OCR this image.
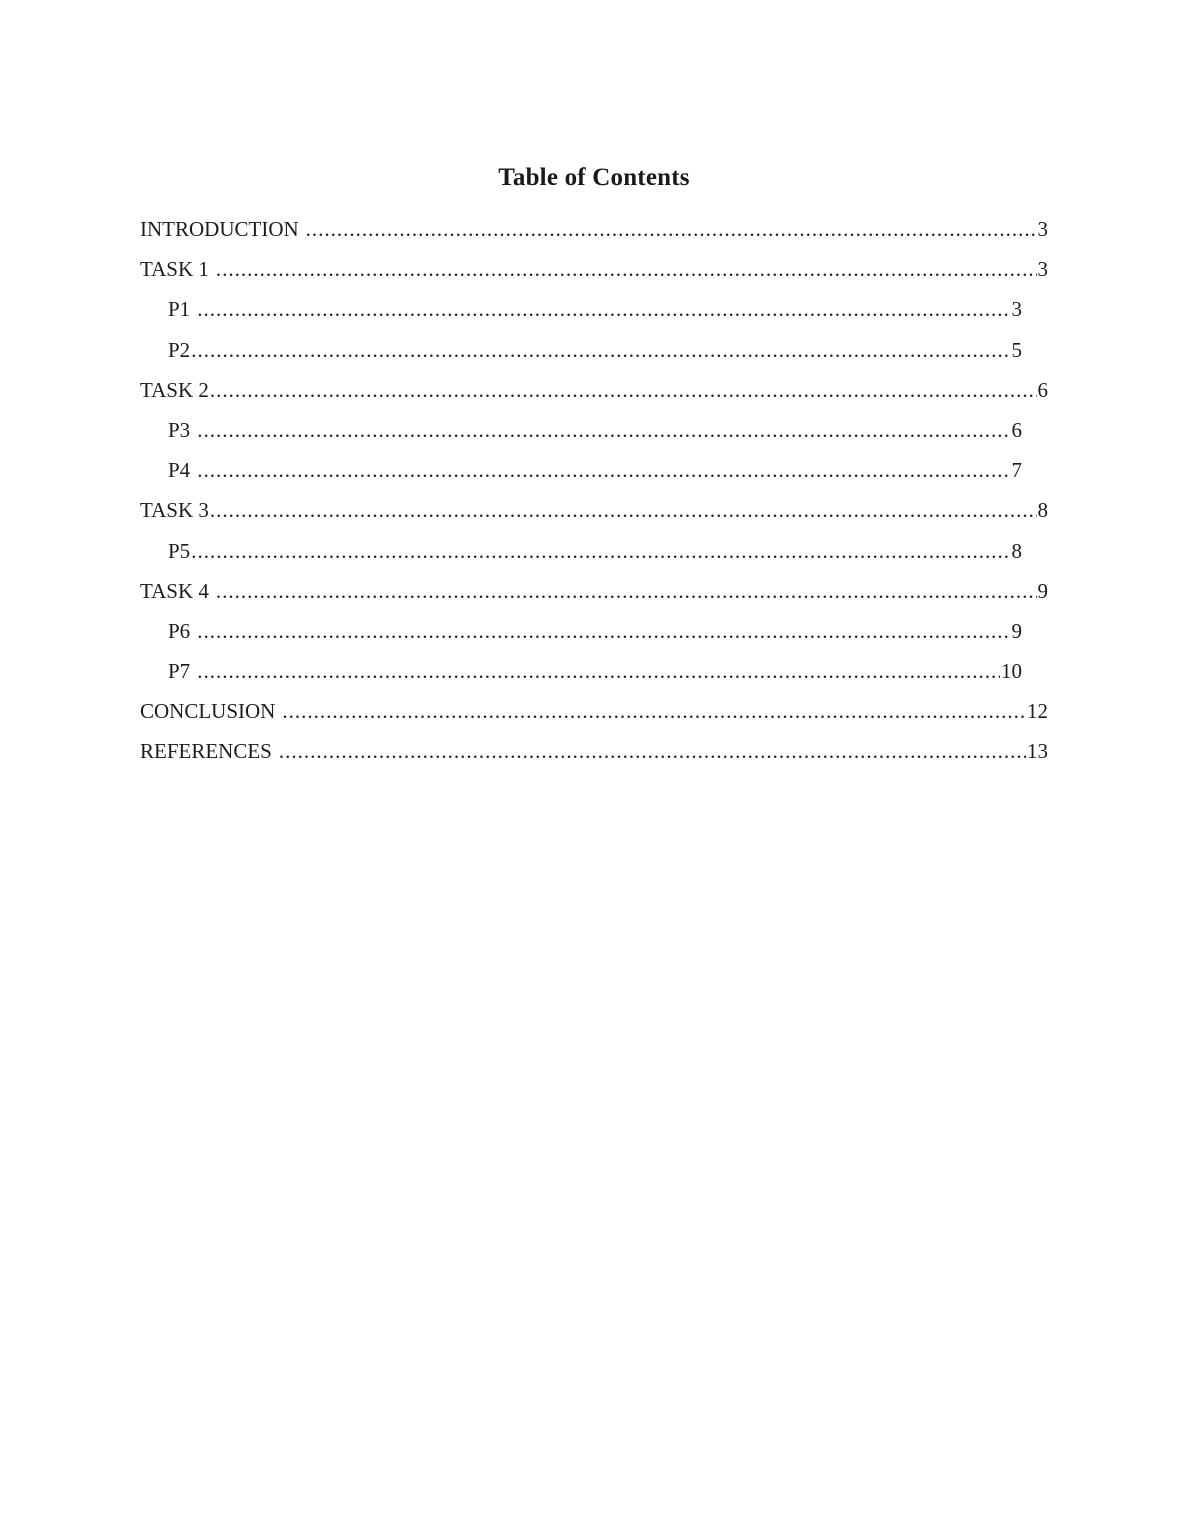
Table of Contents
INTRODUCTION .....	3
TASK 1 .....	3
P1 .....	3
P2 .....	5
TASK 2 .....	6
P3 .....	6
P4 .....	7
TASK 3 .....	8
P5 .....	8
TASK 4 .....	9
P6 .....	9
P7 .....	10
CONCLUSION .....	12
REFERENCES .....	13
